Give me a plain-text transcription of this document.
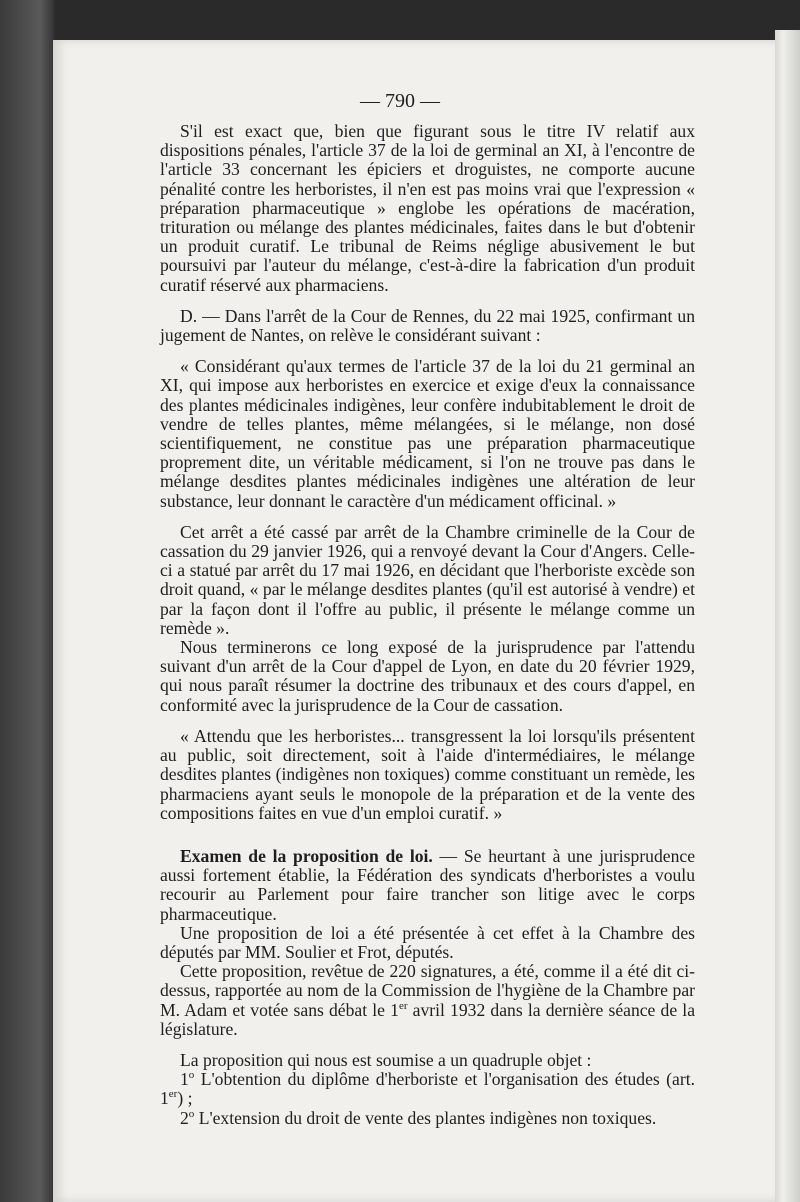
— 790 —

S'il est exact que, bien que figurant sous le titre IV relatif aux dispositions pénales, l'article 37 de la loi de germinal an XI, à l'encontre de l'article 33 concernant les épiciers et droguistes, ne comporte aucune pénalité contre les herboristes, il n'en est pas moins vrai que l'expression « préparation pharmaceutique » englobe les opérations de macération, trituration ou mélange des plantes médicinales, faites dans le but d'obtenir un produit curatif. Le tribunal de Reims néglige abusivement le but poursuivi par l'auteur du mélange, c'est-à-dire la fabrication d'un produit curatif réservé aux pharmaciens.

D. — Dans l'arrêt de la Cour de Rennes, du 22 mai 1925, confirmant un jugement de Nantes, on relève le considérant suivant :

« Considérant qu'aux termes de l'article 37 de la loi du 21 germinal an XI, qui impose aux herboristes en exercice et exige d'eux la connaissance des plantes médicinales indigènes, leur confère indubitablement le droit de vendre de telles plantes, même mélangées, si le mélange, non dosé scientifiquement, ne constitue pas une préparation pharmaceutique proprement dite, un véritable médicament, si l'on ne trouve pas dans le mélange desdites plantes médicinales indigènes une altération de leur substance, leur donnant le caractère d'un médicament officinal. »

Cet arrêt a été cassé par arrêt de la Chambre criminelle de la Cour de cassation du 29 janvier 1926, qui a renvoyé devant la Cour d'Angers. Celle-ci a statué par arrêt du 17 mai 1926, en décidant que l'herboriste excède son droit quand, « par le mélange desdites plantes (qu'il est autorisé à vendre) et par la façon dont il l'offre au public, il présente le mélange comme un remède ».

Nous terminerons ce long exposé de la jurisprudence par l'attendu suivant d'un arrêt de la Cour d'appel de Lyon, en date du 20 février 1929, qui nous paraît résumer la doctrine des tribunaux et des cours d'appel, en conformité avec la jurisprudence de la Cour de cassation.

« Attendu que les herboristes... transgressent la loi lorsqu'ils présentent au public, soit directement, soit à l'aide d'intermédiaires, le mélange desdites plantes (indigènes non toxiques) comme constituant un remède, les pharmaciens ayant seuls le monopole de la préparation et de la vente des compositions faites en vue d'un emploi curatif. »

Examen de la proposition de loi. — Se heurtant à une jurisprudence aussi fortement établie, la Fédération des syndicats d'herboristes a voulu recourir au Parlement pour faire trancher son litige avec le corps pharmaceutique.

Une proposition de loi a été présentée à cet effet à la Chambre des députés par MM. Soulier et Frot, députés.

Cette proposition, revêtue de 220 signatures, a été, comme il a été dit ci-dessus, rapportée au nom de la Commission de l'hygiène de la Chambre par M. Adam et votée sans débat le 1er avril 1932 dans la dernière séance de la législature.

La proposition qui nous est soumise a un quadruple objet :

1$^o$ L'obtention du diplôme d'herboriste et l'organisation des études (art. 1er) ;

2$^o$ L'extension du droit de vente des plantes indigènes non toxiques.
